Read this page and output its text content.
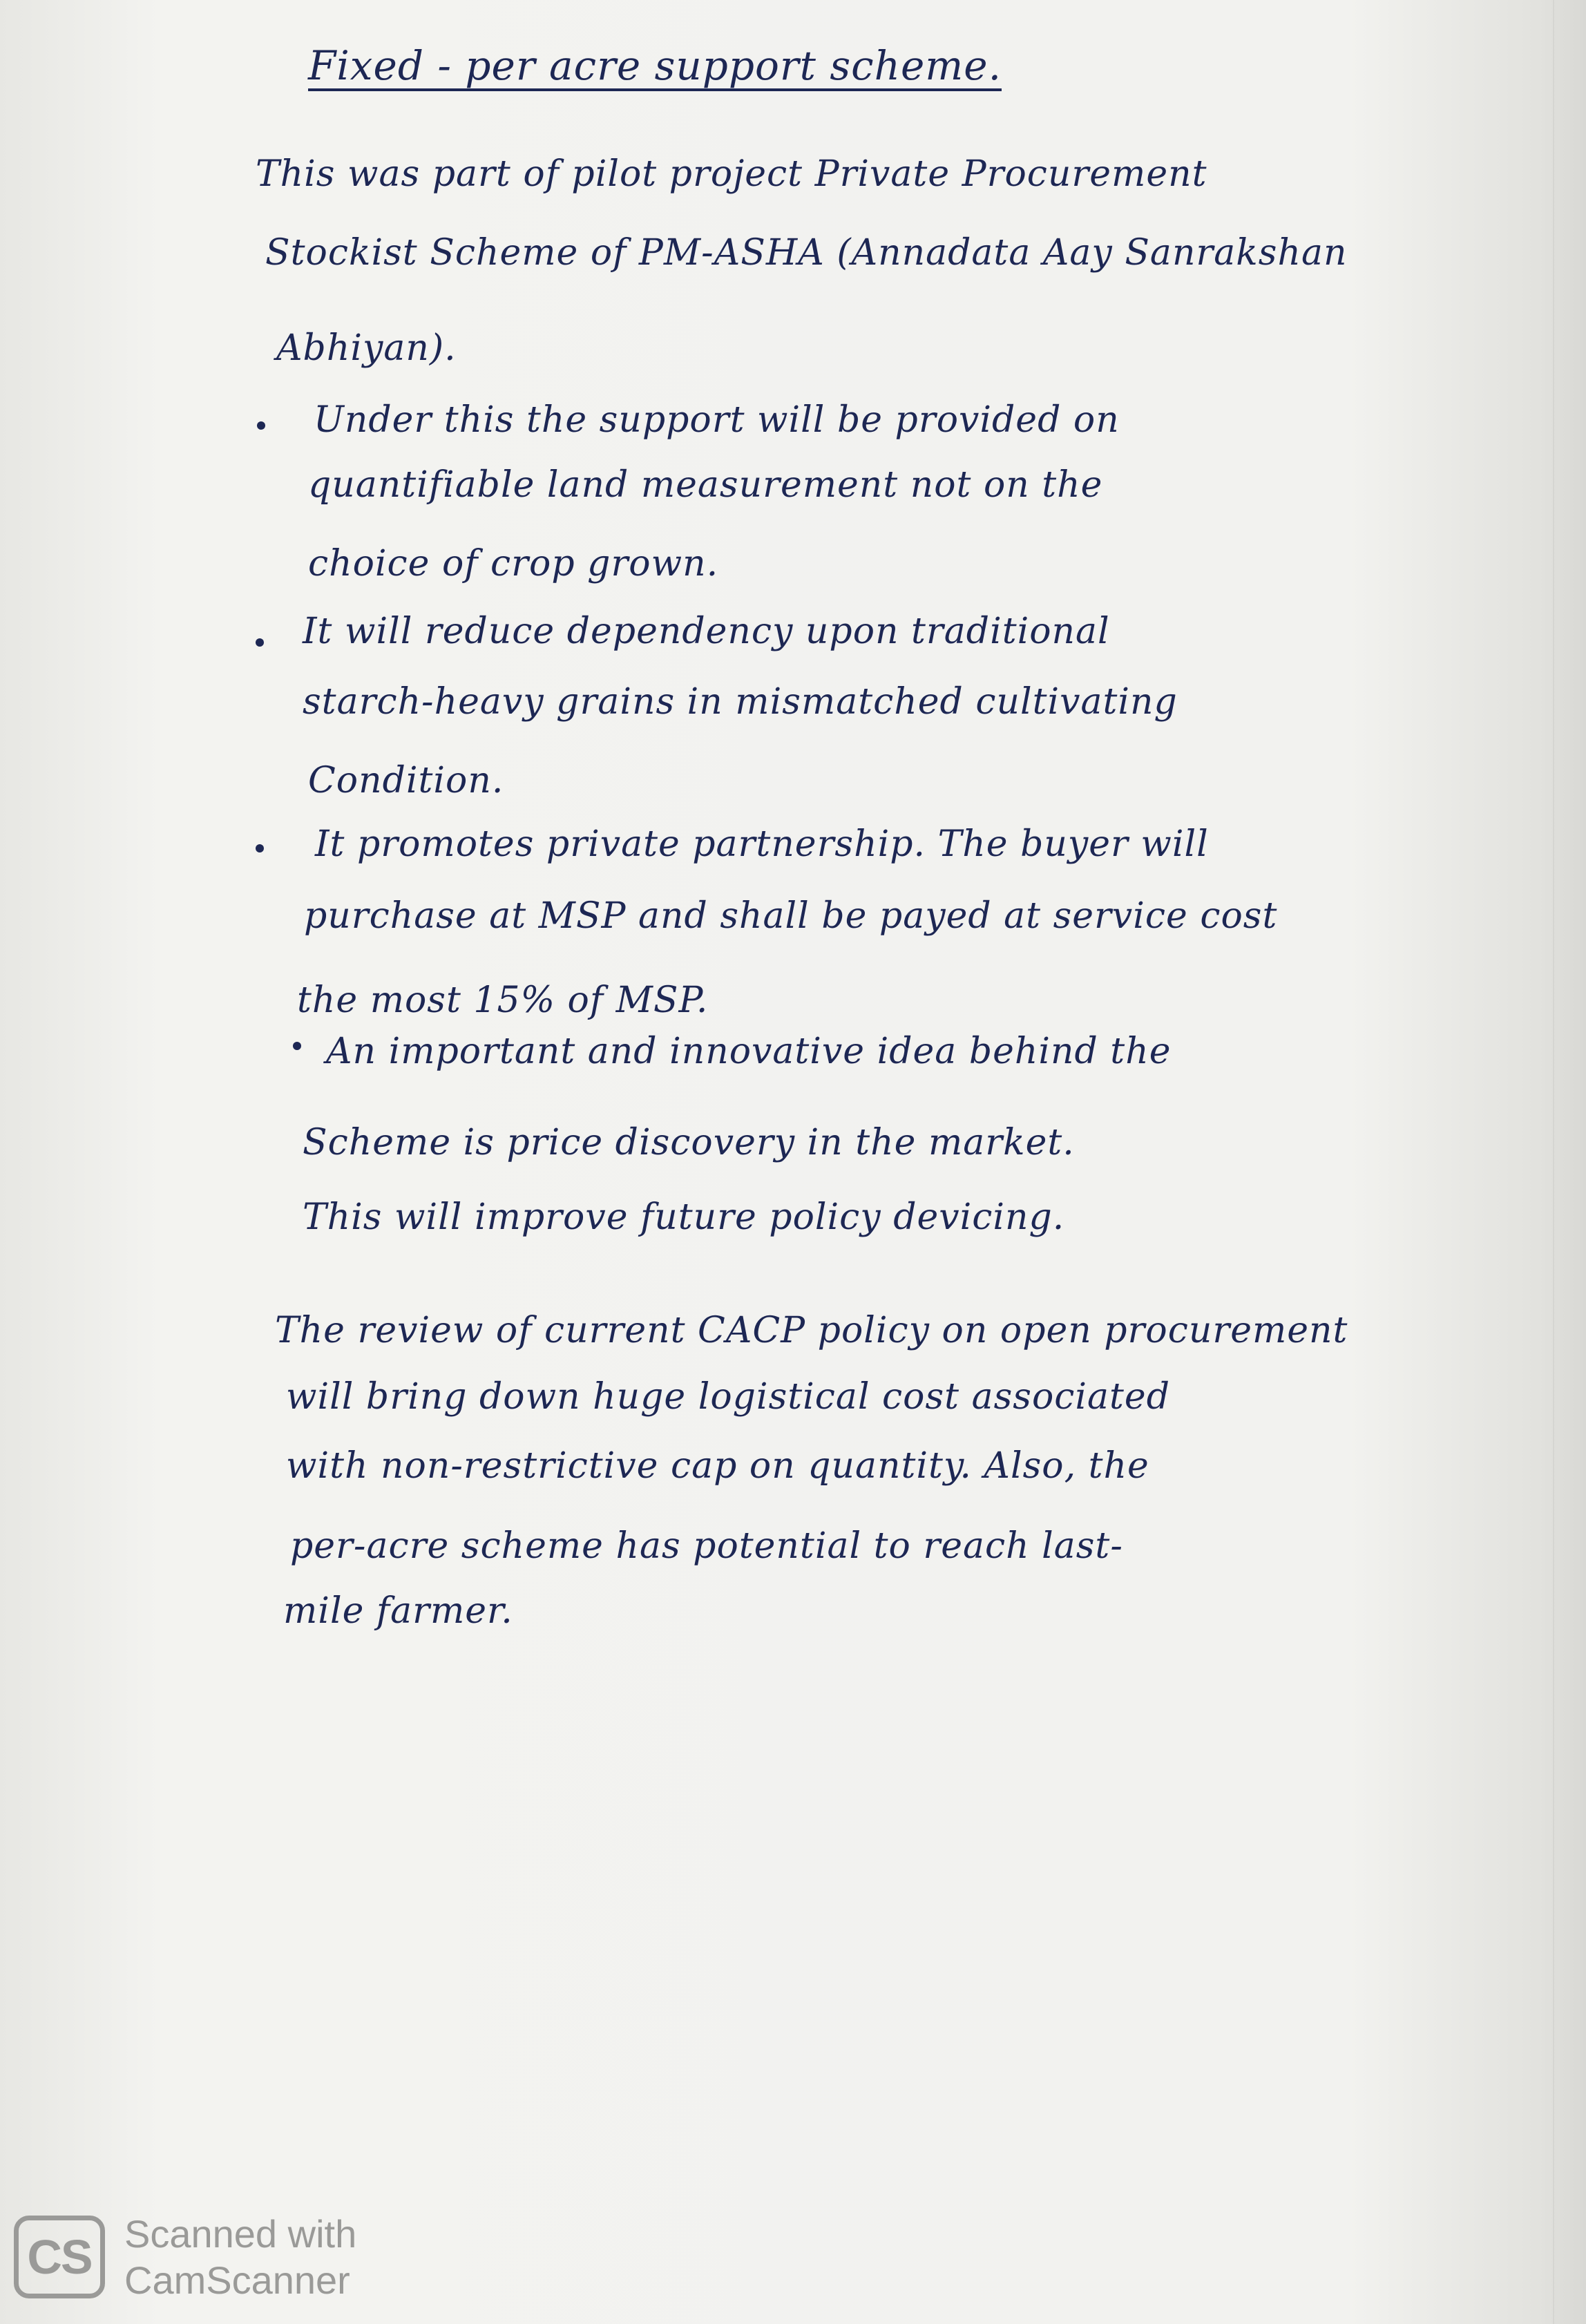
Fixed - per acre support scheme.
This was part of pilot project Private Procurement
Stockist Scheme of PM-ASHA (Annadata Aay Sanrakshan
Abhiyan).
Under this the support will be provided on
quantifiable land measurement not on the
choice of crop grown.
It will reduce dependency upon traditional
starch-heavy grains in mismatched cultivating
Condition.
It promotes private partnership. The buyer will
purchase at MSP and shall be payed at service cost
the most 15% of MSP.
An important and innovative idea behind the
Scheme is price discovery in the market.
This will improve future policy devicing.
The review of current CACP policy on open procurement
will bring down huge logistical cost associated
with non-restrictive cap on quantity. Also, the
per-acre scheme has potential to reach last-
mile farmer.
CS Scanned with
CamScanner
